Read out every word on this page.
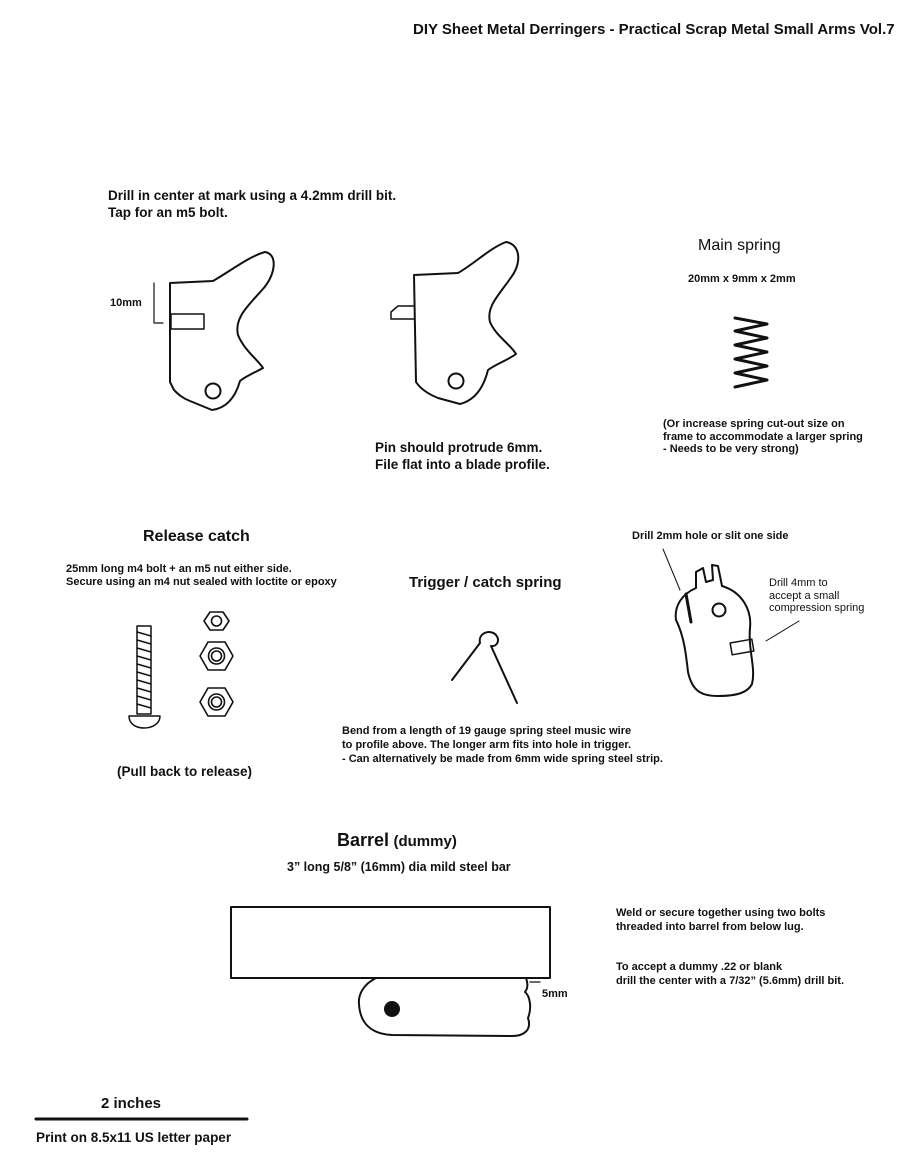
DIY Sheet Metal Derringers - Practical Scrap Metal Small Arms Vol.7
Drill in center at mark using a 4.2mm drill bit.
Tap for an m5 bolt.
10mm
Pin should protrude 6mm.
File flat into a blade profile.
Main spring
20mm x 9mm x 2mm
(Or increase spring cut-out size on
frame to accommodate a larger spring
- Needs to be very strong)
Release catch
25mm long m4 bolt + an m5 nut either side.
Secure using an m4 nut sealed with loctite or epoxy
(Pull back to release)
Trigger / catch spring
Bend from a length of 19 gauge spring steel music wire
to profile above. The longer arm fits into hole in trigger.
- Can alternatively be made from 6mm wide spring steel strip.
Drill 2mm hole or slit one side
Drill 4mm to
accept a small
compression spring
Barrel (dummy)
3” long 5/8” (16mm) dia mild steel bar
Weld or secure together using two bolts
threaded into barrel from below lug.
To accept a dummy .22 or blank
drill the center with a 7/32” (5.6mm) drill bit.
5mm
2 inches
Print on 8.5x11 US letter paper
